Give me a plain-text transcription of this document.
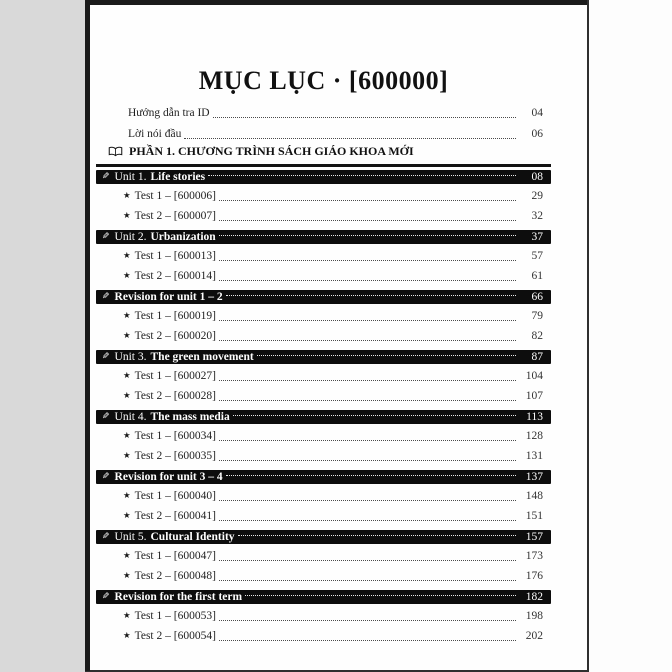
MỤC LỤC · [600000]
Hướng dẫn tra ID	04
Lời nói đầu	06
PHẦN 1. CHƯƠNG TRÌNH SÁCH GIÁO KHOA MỚI
✎ Unit 1. Life stories	08
★ Test 1 – [600006]	29
★ Test 2 – [600007]	32
✎ Unit 2. Urbanization	37
★ Test 1 – [600013]	57
★ Test 2 – [600014]	61
✎ Revision for unit 1 – 2	66
★ Test 1 – [600019]	79
★ Test 2 – [600020]	82
✎ Unit 3. The green movement	87
★ Test 1 – [600027]	104
★ Test 2 – [600028]	107
✎ Unit 4. The mass media	113
★ Test 1 – [600034]	128
★ Test 2 – [600035]	131
✎ Revision for unit 3 – 4	137
★ Test 1 – [600040]	148
★ Test 2 – [600041]	151
✎ Unit 5. Cultural Identity	157
★ Test 1 – [600047]	173
★ Test 2 – [600048]	176
✎ Revision for the first term	182
★ Test 1 – [600053]	198
★ Test 2 – [600054]	202
